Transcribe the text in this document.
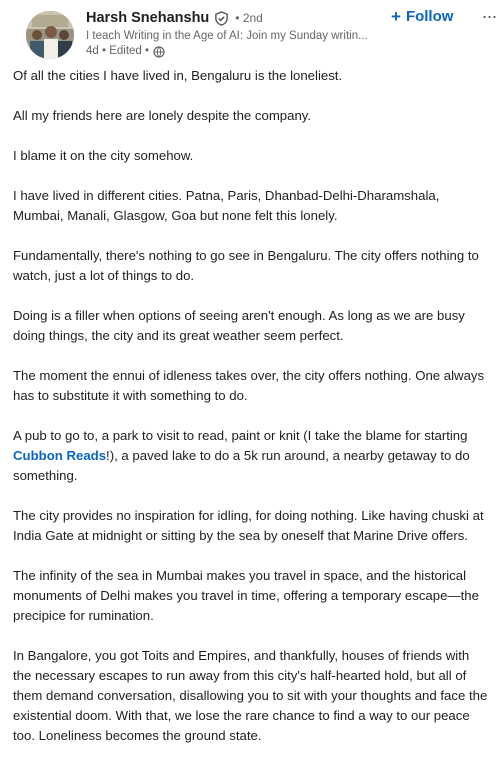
Harsh Snehanshu • 2nd
I teach Writing in the Age of AI: Join my Sunday writin...
4d • Edited •
+ Follow ···

Of all the cities I have lived in, Bengaluru is the loneliest.

All my friends here are lonely despite the company.

I blame it on the city somehow.

I have lived in different cities. Patna, Paris, Dhanbad-Delhi-Dharamshala, Mumbai, Manali, Glasgow, Goa but none felt this lonely.

Fundamentally, there's nothing to go see in Bengaluru. The city offers nothing to watch, just a lot of things to do.

Doing is a filler when options of seeing aren't enough. As long as we are busy doing things, the city and its great weather seem perfect.

The moment the ennui of idleness takes over, the city offers nothing. One always has to substitute it with something to do.

A pub to go to, a park to visit to read, paint or knit (I take the blame for starting Cubbon Reads!), a paved lake to do a 5k run around, a nearby getaway to do something.

The city provides no inspiration for idling, for doing nothing. Like having chuski at India Gate at midnight or sitting by the sea by oneself that Marine Drive offers.

The infinity of the sea in Mumbai makes you travel in space, and the historical monuments of Delhi makes you travel in time, offering a temporary escape—the precipice for rumination.

In Bangalore, you got Toits and Empires, and thankfully, houses of friends with the necessary escapes to run away from this city's half-hearted hold, but all of them demand conversation, disallowing you to sit with your thoughts and face the existential doom. With that, we lose the rare chance to find a way to our peace too. Loneliness becomes the ground state.
